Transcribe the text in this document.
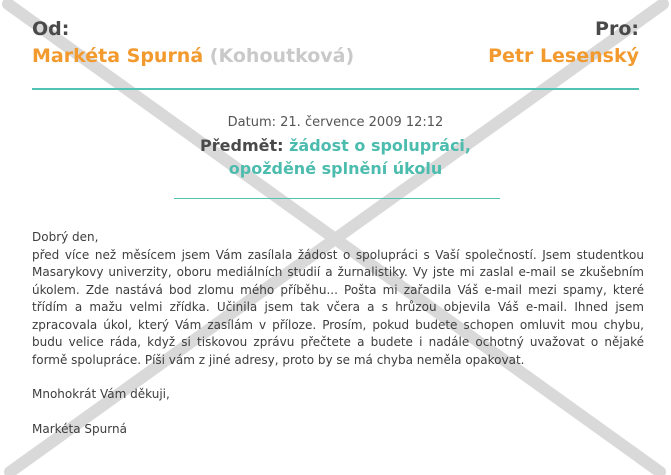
Od:	Pro:
Markéta Spurná (Kohoutková)	Petr Lesenský
Datum: 21. července 2009 12:12
Předmět: žádost o spolupráci,
opožděné splnění úkolu

Dobrý den,

před více než měsícem jsem Vám zasílala žádost o spolupráci s Vaší společností. Jsem studentkou Masarykovy univerzity, oboru mediálních studií a žurnalistiky. Vy jste mi zaslal e-mail se zkušebním úkolem. Zde nastává bod zlomu mého příběhu... Pošta mi zařadila Váš e-mail mezi spamy, které třídím a mažu velmi zřídka. Učinila jsem tak včera a s hrůzou objevila Váš e-mail. Ihned jsem zpracovala úkol, který Vám zasílám v příloze. Prosím, pokud budete schopen omluvit mou chybu, budu velice ráda, když si tiskovou zprávu přečtete a budete i nadále ochotný uvažovat o nějaké formě spolupráce. Píši vám z jiné adresy, proto by se má chyba neměla opakovat.

Mnohokrát Vám děkuji,

Markéta Spurná
